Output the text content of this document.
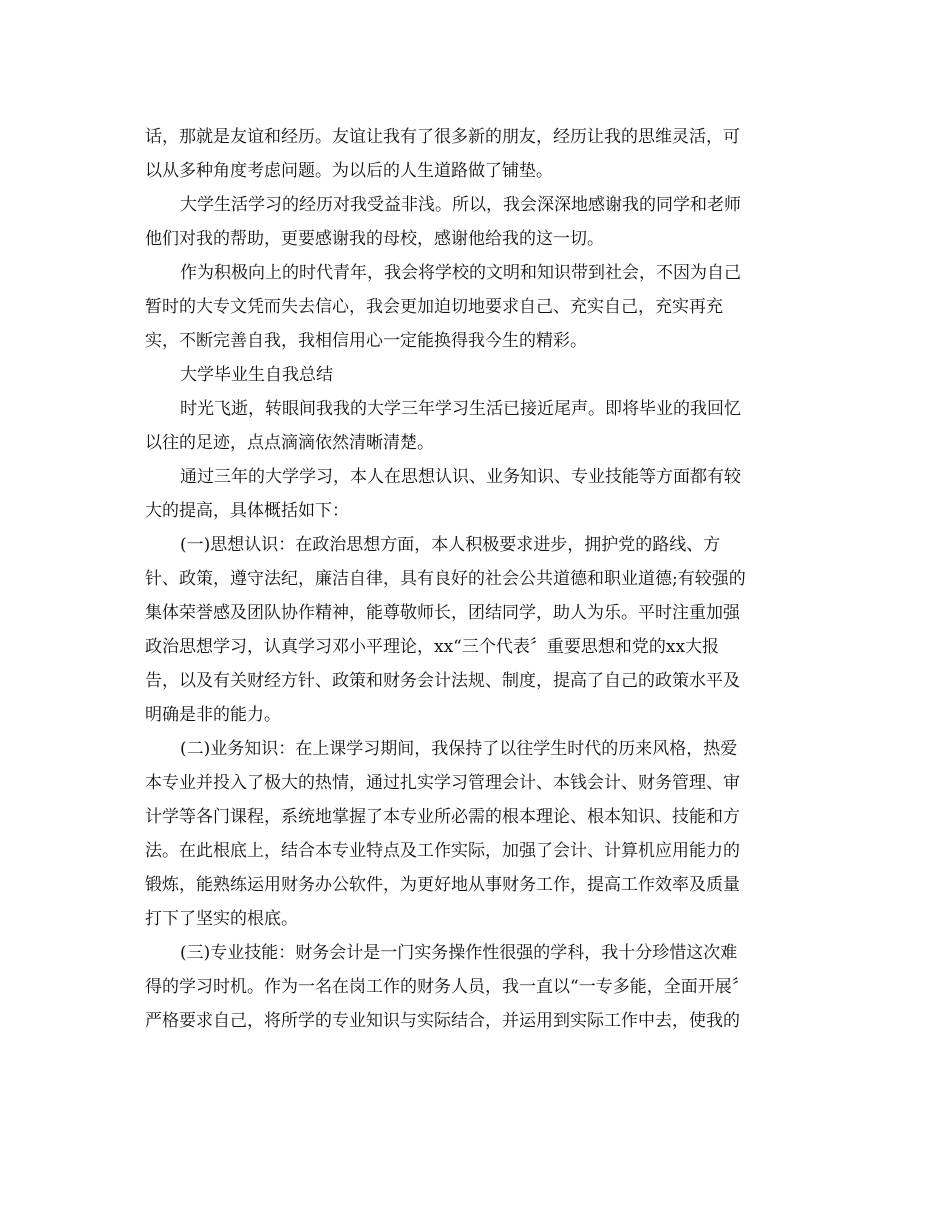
话，那就是友谊和经历。友谊让我有了很多新的朋友，经历让我的思维灵活，可
以从多种角度考虑问题。为以后的人生道路做了铺垫。
大学生活学习的经历对我受益非浅。所以，我会深深地感谢我的同学和老师
他们对我的帮助，更要感谢我的母校，感谢他给我的这一切。
作为积极向上的时代青年，我会将学校的文明和知识带到社会，不因为自己
暂时的大专文凭而失去信心，我会更加迫切地要求自己、充实自己，充实再充
实，不断完善自我，我相信用心一定能换得我今生的精彩。
大学毕业生自我总结
时光飞逝，转眼间我我的大学三年学习生活已接近尾声。即将毕业的我回忆
以往的足迹，点点滴滴依然清晰清楚。
通过三年的大学学习，本人在思想认识、业务知识、专业技能等方面都有较
大的提高，具体概括如下：
(一)思想认识：在政治思想方面，本人积极要求进步，拥护党的路线、方
针、政策，遵守法纪，廉洁自律，具有良好的社会公共道德和职业道德;有较强的
集体荣誉感及团队协作精神，能尊敬师长，团结同学，助人为乐。平时注重加强
政治思想学习，认真学习邓小平理论，xx“三个代表〞重要思想和党的xx大报
告，以及有关财经方针、政策和财务会计法规、制度，提高了自己的政策水平及
明确是非的能力。
(二)业务知识：在上课学习期间，我保持了以往学生时代的历来风格，热爱
本专业并投入了极大的热情，通过扎实学习管理会计、本钱会计、财务管理、审
计学等各门课程，系统地掌握了本专业所必需的根本理论、根本知识、技能和方
法。在此根底上，结合本专业特点及工作实际，加强了会计、计算机应用能力的
锻炼，能熟练运用财务办公软件，为更好地从事财务工作，提高工作效率及质量
打下了坚实的根底。
(三)专业技能：财务会计是一门实务操作性很强的学科，我十分珍惜这次难
得的学习时机。作为一名在岗工作的财务人员，我一直以“一专多能，全面开展〞
严格要求自己，将所学的专业知识与实际结合，并运用到实际工作中去，使我的
